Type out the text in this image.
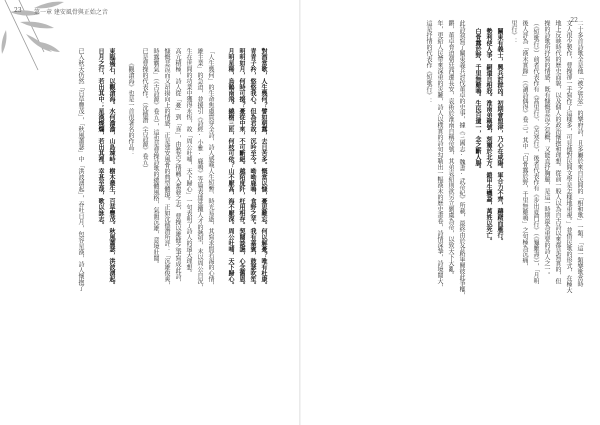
22
二十多首詩歌全是他「被之管弦」的樂府詩，且多屬於來自民間的「相和歌」一類。「這一類樂歌當時
文人很少製作，曹操卻一手寫作了這樣多，可見他對民間文學是怎樣地重視。」並借民歌的形式，在極大
地上反映時代的歷史面貌，以及個人的政治懷抱和理想。從前一般人以為自古詩以來都是寫實的，但
操的詩歌所抒寫的情感，既有慷慨悲涼之氣概，又能直抒胸臆，是這一時期最為重要的詩人之一。
（《短歌行》）前者代表作有《蒿里行》、《苦寒行》，後者代表作有《步出夏門行》（《龜雖壽》），「月明
後人評為「漢末實錄」（《讀詩偶得》卷三）。其中「白骨露於野，千里無雞鳴」之句極為沉痛，
里行》：
關東有義士，興兵討群凶。初期會盟津，乃心在咸陽。軍合力不齊，躊躇而雁行。
勢利使人爭，嗣還自相戕。淮南弟稱號，刻璽於北方。鎧甲生蟣蝨，萬姓以死亡。
白骨露於野，千里無雞鳴。生民百遺一，念之斷人腸。
此詩敘寫了關東義兵討伐董卓的史事，據《三國志·魏書·武帝紀》所載，最終由於各路軍閥彼此爭權，
鏘，董卓脅迫朝廷西遷長安，袁術於淮南自稱帝號，其弟袁紹則欲另立劉虞為帝，以致天下大亂。
年，更給人民帶來深重的災難，詩人以樸實的詩句勾勒出一幅漢末的歷史畫卷，詩情深摯，詩境闊大，
這是抒情的代表作《短歌行》：
23 第一章 建安風骨與正始之音
對酒當歌，人生幾何？譬如朝露，去日苦多。慨當以慷，憂思難忘。何以解憂？唯有杜康。
青青子衿，悠悠我心。但為君故，沉吟至今。呦呦鹿鳴，食野之苹。我有嘉賓，鼓瑟吹笙。
明明如月，何時可掇？憂從中來，不可斷絕。越陌度阡，枉用相存。契闊談讌，心念舊恩。
月明星稀，烏鵲南飛。繞樹三匝，何枝可依？山不厭高，海不厭深。周公吐哺，天下歸心。
「人生幾何」的生命焦慮貫穿全詩，詩人感嘆人生短暫、時光易逝，其寫求賢若渴的心情，
雄主業」的急迫，並援引《詩經·小雅·鹿鳴》等篇表達延攬人才的熱望，末以周公自況，
生在世間的功業中獲得永恆，故「周公吐哺，天下歸心」一句表明了詩人的遠大理想。
高亢積極，詩人從「憂」到「喜」，由愁苦之情轉入奮發之志，曹操以雄健之筆寫成此詩，
慷慨悲涼而又昂揚向上的情感，正是建安風骨的典型體現。正如沈德潛所評：「沉雄俊爽，
時露霸氣」（《古詩源》卷五），這也是曹操詩歌的總體風格，氣韻沉雄，意境壯闊。
已是曹操的代表作。（沈德潛《古詩源》卷五）
《觀滄海》也是一首很著名的作品：
東臨碣石，以觀滄海。水何澹澹，山島竦峙。樹木叢生，百草豐茂。秋風蕭瑟，洪波湧起。
日月之行，若出其中；星漢燦爛，若出其裡。幸甚至哉，歌以詠志。
已入秋天仍然「百草豐茂」，「秋風蕭瑟」中「洪波湧起」，吞吐日月，包容星漢，詩人懷抱了
